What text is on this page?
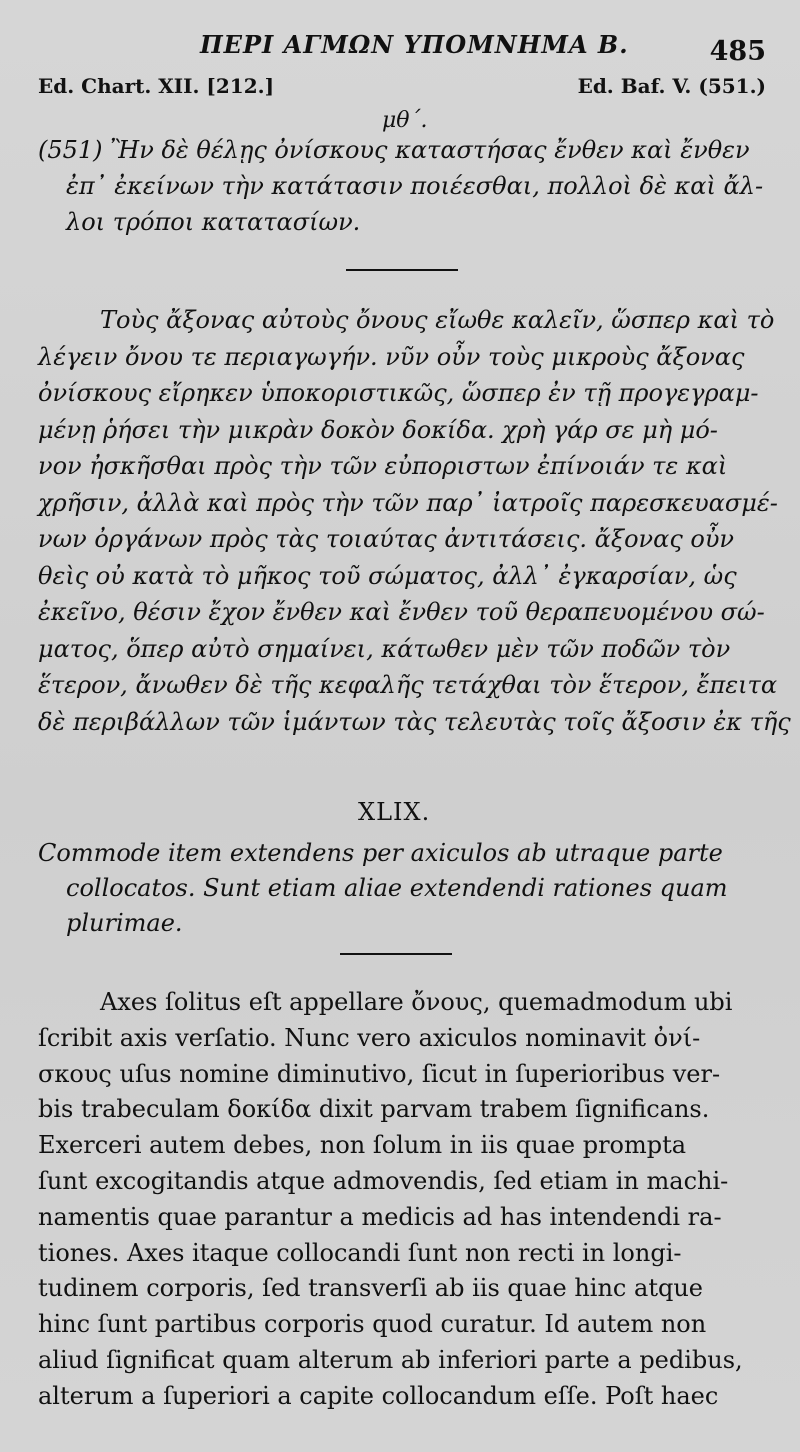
ΠΕΡΙ ΑΓΜΩΝ ΥΠΟΜΝΗΜΑ Β.	485
Ed. Chart. XII. [212.]	Ed. Baf. V. (551.)
μθ΄.
(551) Ἢν δὲ θέλῃς ὀνίσκους καταστήσας ἔνθεν καὶ ἔνθεν
ἐπ᾽ ἐκείνων τὴν κατάτασιν ποιέεσθαι, πολλοὶ δὲ καὶ ἄλ-
λοι τρόποι κατατασίων.
Τοὺς ἄξονας αὐτοὺς ὄνους εἴωθε καλεῖν, ὥσπερ καὶ τὸ
λέγειν ὄνου τε περιαγωγήν. νῦν οὖν τοὺς μικροὺς ἄξονας
ὀνίσκους εἴρηκεν ὑποκοριστικῶς, ὥσπερ ἐν τῇ προγεγραμ-
μένῃ ῥήσει τὴν μικρὰν δοκὸν δοκίδα. χρὴ γάρ σε μὴ μό-
νον ἠσκῆσθαι πρὸς τὴν τῶν εὐποριστων ἐπίνοιάν τε καὶ
χρῆσιν, ἀλλὰ καὶ πρὸς τὴν τῶν παρ᾽ ἰατροῖς παρεσκευασμέ-
νων ὀργάνων πρὸς τὰς τοιαύτας ἀντιτάσεις. ἄξονας οὖν
θεὶς οὐ κατὰ τὸ μῆκος τοῦ σώματος, ἀλλ᾽ ἐγκαρσίαν, ὡς
ἐκεῖνο, θέσιν ἔχον ἔνθεν καὶ ἔνθεν τοῦ θεραπευομένου σώ-
ματος, ὅπερ αὐτὸ σημαίνει, κάτωθεν μὲν τῶν ποδῶν τὸν
ἕτερον, ἄνωθεν δὲ τῆς κεφαλῆς τετάχθαι τὸν ἕτερον, ἔπειτα
δὲ περιβάλλων τῶν ἱμάντων τὰς τελευτὰς τοῖς ἄξοσιν ἐκ τῆς
XLIX.
Commode item extendens per axiculos ab utraque parte
collocatos. Sunt etiam aliae extendendi rationes quam
plurimae.
Axes ſolitus eſt appellare ὄνους, quemadmodum ubi
ſcribit axis verſatio. Nunc vero axiculos nominavit ὀνί-
σκους uſus nomine diminutivo, ſicut in ſuperioribus ver-
bis trabeculam δοκίδα dixit parvam trabem ſignificans.
Exerceri autem debes, non ſolum in iis quae prompta
ſunt excogitandis atque admovendis, ſed etiam in machi-
namentis quae parantur a medicis ad has intendendi ra-
tiones. Axes itaque collocandi ſunt non recti in longi-
tudinem corporis, ſed transverſi ab iis quae hinc atque
hinc ſunt partibus corporis quod curatur. Id autem non
aliud ſignificat quam alterum ab inferiori parte a pedibus,
alterum a ſuperiori a capite collocandum eſſe. Poſt haec
